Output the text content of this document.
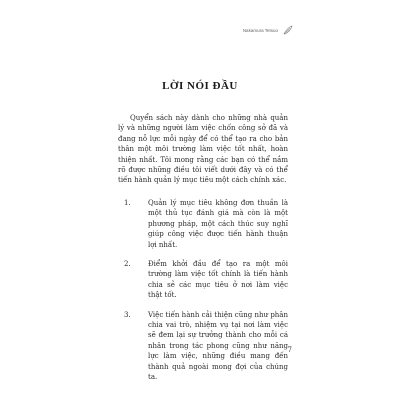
Nakamura Tetsuo
LỜI NÓI ĐẦU

Quyển sách này dành cho những nhà quản lý và những người làm việc chốn công sở đã và đang nỗ lực mỗi ngày để có thể tạo ra cho bản thân một môi trường làm việc tốt nhất, hoàn thiện nhất. Tôi mong rằng các bạn có thể nắm rõ được những điều tôi viết dưới đây và có thể tiến hành quản lý mục tiêu một cách chính xác.

1.	Quản lý mục tiêu không đơn thuần là một thủ tục đánh giá mà còn là một phương pháp, một cách thúc suy nghĩ giúp công việc được tiến hành thuận lợi nhất.
2.	Điểm khởi đầu để tạo ra một môi trường làm việc tốt chính là tiến hành chia sẻ các mục tiêu ở nơi làm việc thật tốt.
3.	Việc tiến hành cải thiện cũng như phân chia vai trò, nhiệm vụ tại nơi làm việc sẽ đem lại sự trưởng thành cho mỗi cá nhân trong tác phong cũng như năng lực làm việc, những điều mang đến thành quả ngoài mong đợi của chúng ta.
7
